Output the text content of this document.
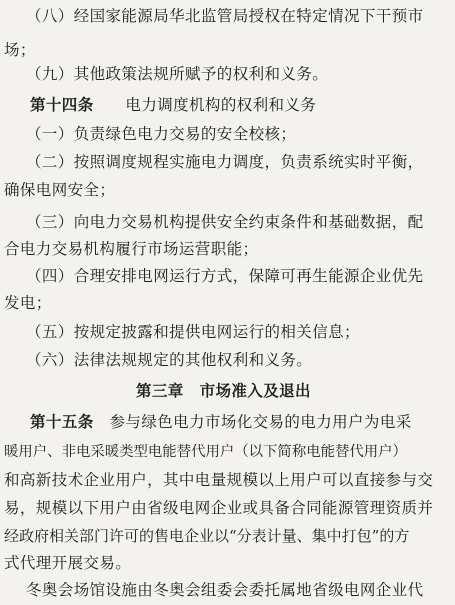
（八）经国家能源局华北监管局授权在特定情况下干预市
场；
（九）其他政策法规所赋予的权利和义务。
第十四条　　 电力调度机构的权利和义务
（一）负责绿色电力交易的安全校核；
（二）按照调度规程实施电力调度，负责系统实时平衡，
确保电网安全；
（三）向电力交易机构提供安全约束条件和基础数据，配
合电力交易机构履行市场运营职能；
（四）合理安排电网运行方式，保障可再生能源企业优先
发电；
（五）按规定披露和提供电网运行的相关信息；
（六）法律法规规定的其他权利和义务。
第三章　市场准入及退出
第十五条　 参与绿色电力市场化交易的电力用户为电采
暖用户、非电采暖类型电能替代用户（以下简称电能替代用户）
和高新技术企业用户，其中电量规模以上用户可以直接参与交
易，规模以下用户由省级电网企业或具备合同能源管理资质并
经政府相关部门许可的售电企业以“分表计量、集中打包”的方
式代理开展交易。
冬奥会场馆设施由冬奥会组委会委托属地省级电网企业代
